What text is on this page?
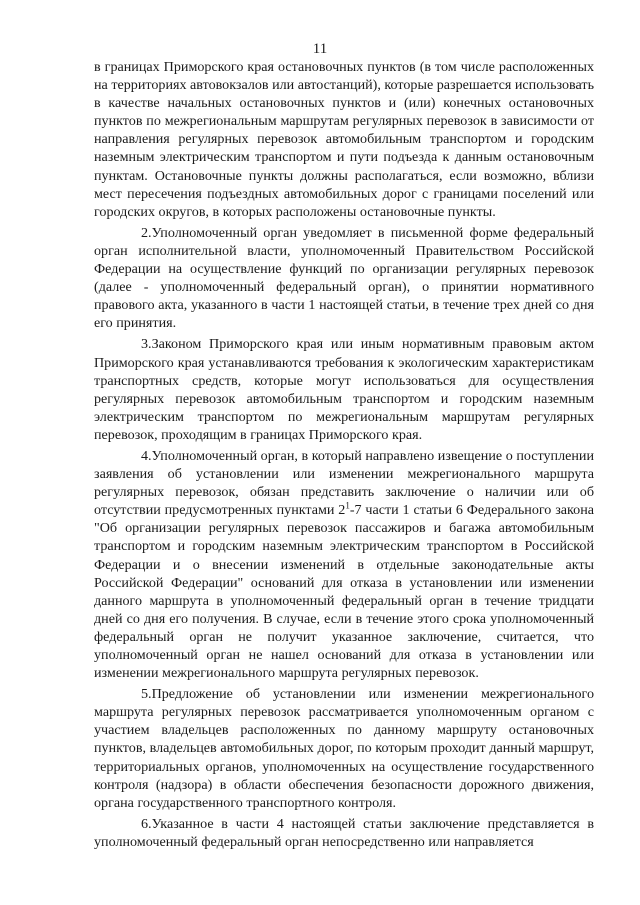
11

в границах Приморского края остановочных пунктов (в том числе расположенных на территориях автовокзалов или автостанций), которые разрешается использовать в качестве начальных остановочных пунктов и (или) конечных остановочных пунктов по межрегиональным маршрутам регулярных перевозок в зависимости от направления регулярных перевозок автомобильным транспортом и городским наземным электрическим транспортом и пути подъезда к данным остановочным пунктам. Остановочные пункты должны располагаться, если возможно, вблизи мест пересечения подъездных автомобильных дорог с границами поселений или городских округов, в которых расположены остановочные пункты.

2.Уполномоченный орган уведомляет в письменной форме федеральный орган исполнительной власти, уполномоченный Правительством Российской Федерации на осуществление функций по организации регулярных перевозок (далее - уполномоченный федеральный орган), о принятии нормативного правового акта, указанного в части 1 настоящей статьи, в течение трех дней со дня его принятия.

3.Законом Приморского края или иным нормативным правовым актом Приморского края устанавливаются требования к экологическим характеристикам транспортных средств, которые могут использоваться для осуществления регулярных перевозок автомобильным транспортом и городским наземным электрическим транспортом по межрегиональным маршрутам регулярных перевозок, проходящим в границах Приморского края.

4.Уполномоченный орган, в который направлено извещение о поступлении заявления об установлении или изменении межрегионального маршрута регулярных перевозок, обязан представить заключение о наличии или об отсутствии предусмотренных пунктами $2^1-7$ части 1 статьи 6 Федерального закона "Об организации регулярных перевозок пассажиров и багажа автомобильным транспортом и городским наземным электрическим транспортом в Российской Федерации и о внесении изменений в отдельные законодательные акты Российской Федерации" оснований для отказа в установлении или изменении данного маршрута в уполномоченный федеральный орган в течение тридцати дней со дня его получения. В случае, если в течение этого срока уполномоченный федеральный орган не получит указанное заключение, считается, что уполномоченный орган не нашел оснований для отказа в установлении или изменении межрегионального маршрута регулярных перевозок.

5.Предложение об установлении или изменении межрегионального маршрута регулярных перевозок рассматривается уполномоченным органом с участием владельцев расположенных по данному маршруту остановочных пунктов, владельцев автомобильных дорог, по которым проходит данный маршрут, территориальных органов, уполномоченных на осуществление государственного контроля (надзора) в области обеспечения безопасности дорожного движения, органа государственного транспортного контроля.

6.Указанное в части 4 настоящей статьи заключение представляется в уполномоченный федеральный орган непосредственно или направляется
